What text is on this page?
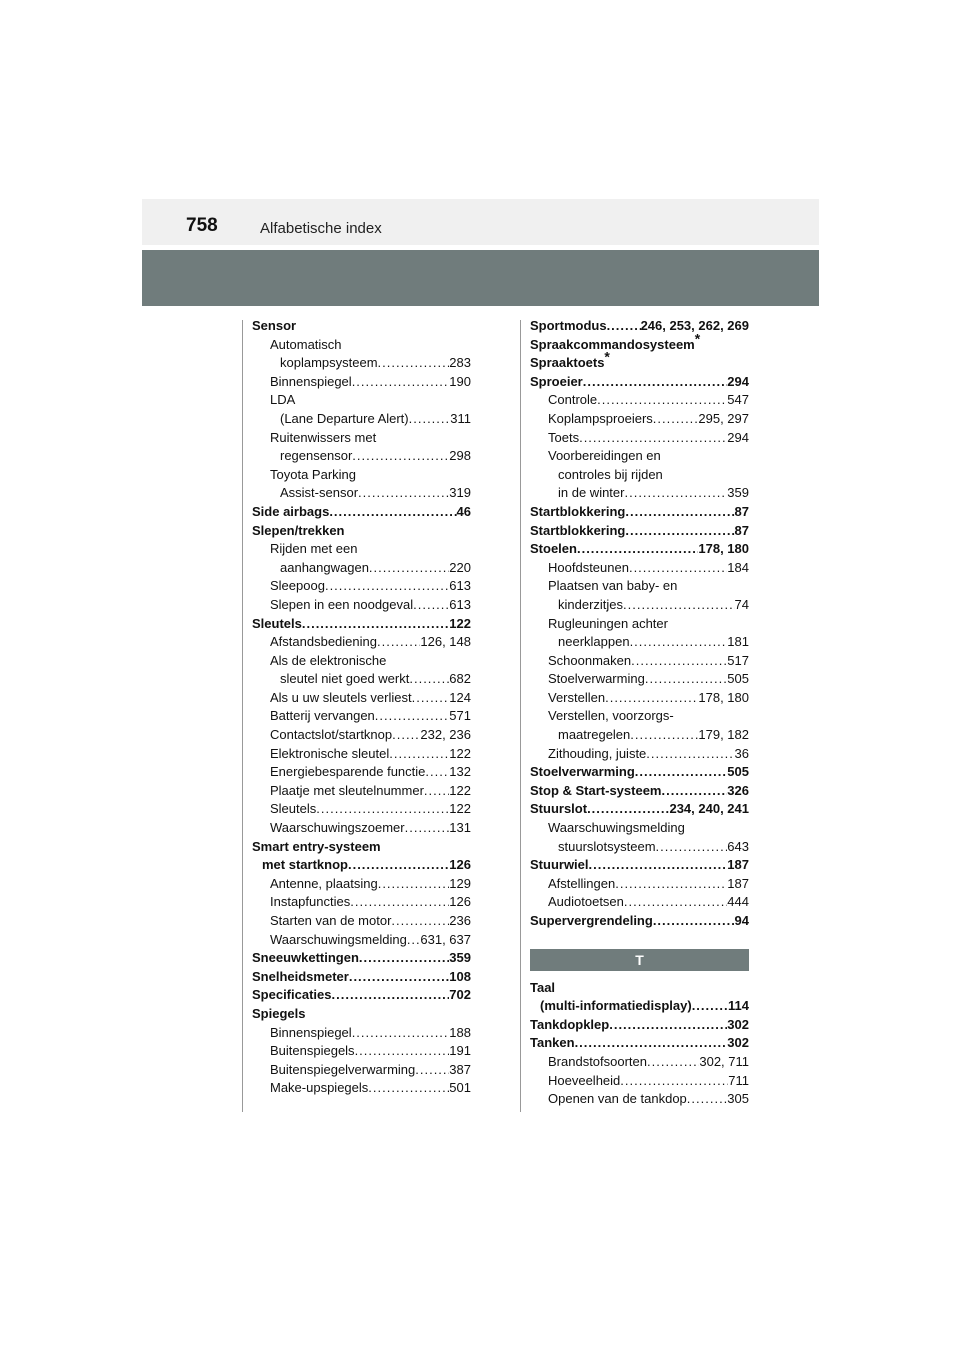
758	Alfabetische index
Sensor
Automatisch
koplampsysteem .....	283
Binnenspiegel .....	190
LDA
(Lane Departure Alert) .....	311
Ruitenwissers met
regensensor .....	298
Toyota Parking
Assist-sensor .....	319
Side airbags .....	46
Slepen/trekken
Rijden met een
aanhangwagen .....	220
Sleepoog .....	613
Slepen in een noodgeval .....	613
Sleutels .....	122
Afstandsbediening .....	126, 148
Als de elektronische
sleutel niet goed werkt .....	682
Als u uw sleutels verliest .....	124
Batterij vervangen .....	571
Contactslot/startknop ..... 232, 236
Elektronische sleutel .....	122
Energiebesparende functie ..... 132
Plaatje met sleutelnummer ..... 122
Sleutels .....	122
Waarschuwingszoemer .....	131
Smart entry-systeem
met startknop .....	126
Antenne, plaatsing .....	129
Instapfuncties .....	126
Starten van de motor .....	236
Waarschuwingsmelding ..... 631, 637
Sneeuwkettingen .....	359
Snelheidsmeter .....	108
Specificaties .....	702
Spiegels
Binnenspiegel .....	188
Buitenspiegels .....	191
Buitenspiegelverwarming .....	387
Make-upspiegels .....	501
Sportmodus .....	246, 253, 262, 269
Spraakcommandosysteem*
Spraaktoets*
Sproeier .....	294
Controle .....	547
Koplampsproeiers .....	295, 297
Toets .....	294
Voorbereidingen en
controles bij rijden
in de winter .....	359
Startblokkering .....	87
Startblokkering .....	87
Stoelen .....	178, 180
Hoofdsteunen .....	184
Plaatsen van baby- en
kinderzitjes .....	74
Rugleuningen achter
neerklappen .....	181
Schoonmaken .....	517
Stoelverwarming .....	505
Verstellen .....	178, 180
Verstellen, voorzorgs-
maatregelen .....	179, 182
Zithouding, juiste .....	36
Stoelverwarming .....	505
Stop & Start-systeem .....	326
Stuurslot .....	234, 240, 241
Waarschuwingsmelding
stuurslotsysteem .....	643
Stuurwiel .....	187
Afstellingen .....	187
Audiotoetsen .....	444
Supervergrendeling .....	94
T
Taal
(multi-informatiedisplay) .....	114
Tankdopklep .....	302
Tanken .....	302
Brandstofsoorten .....	302, 711
Hoeveelheid .....	711
Openen van de tankdop .....	305
